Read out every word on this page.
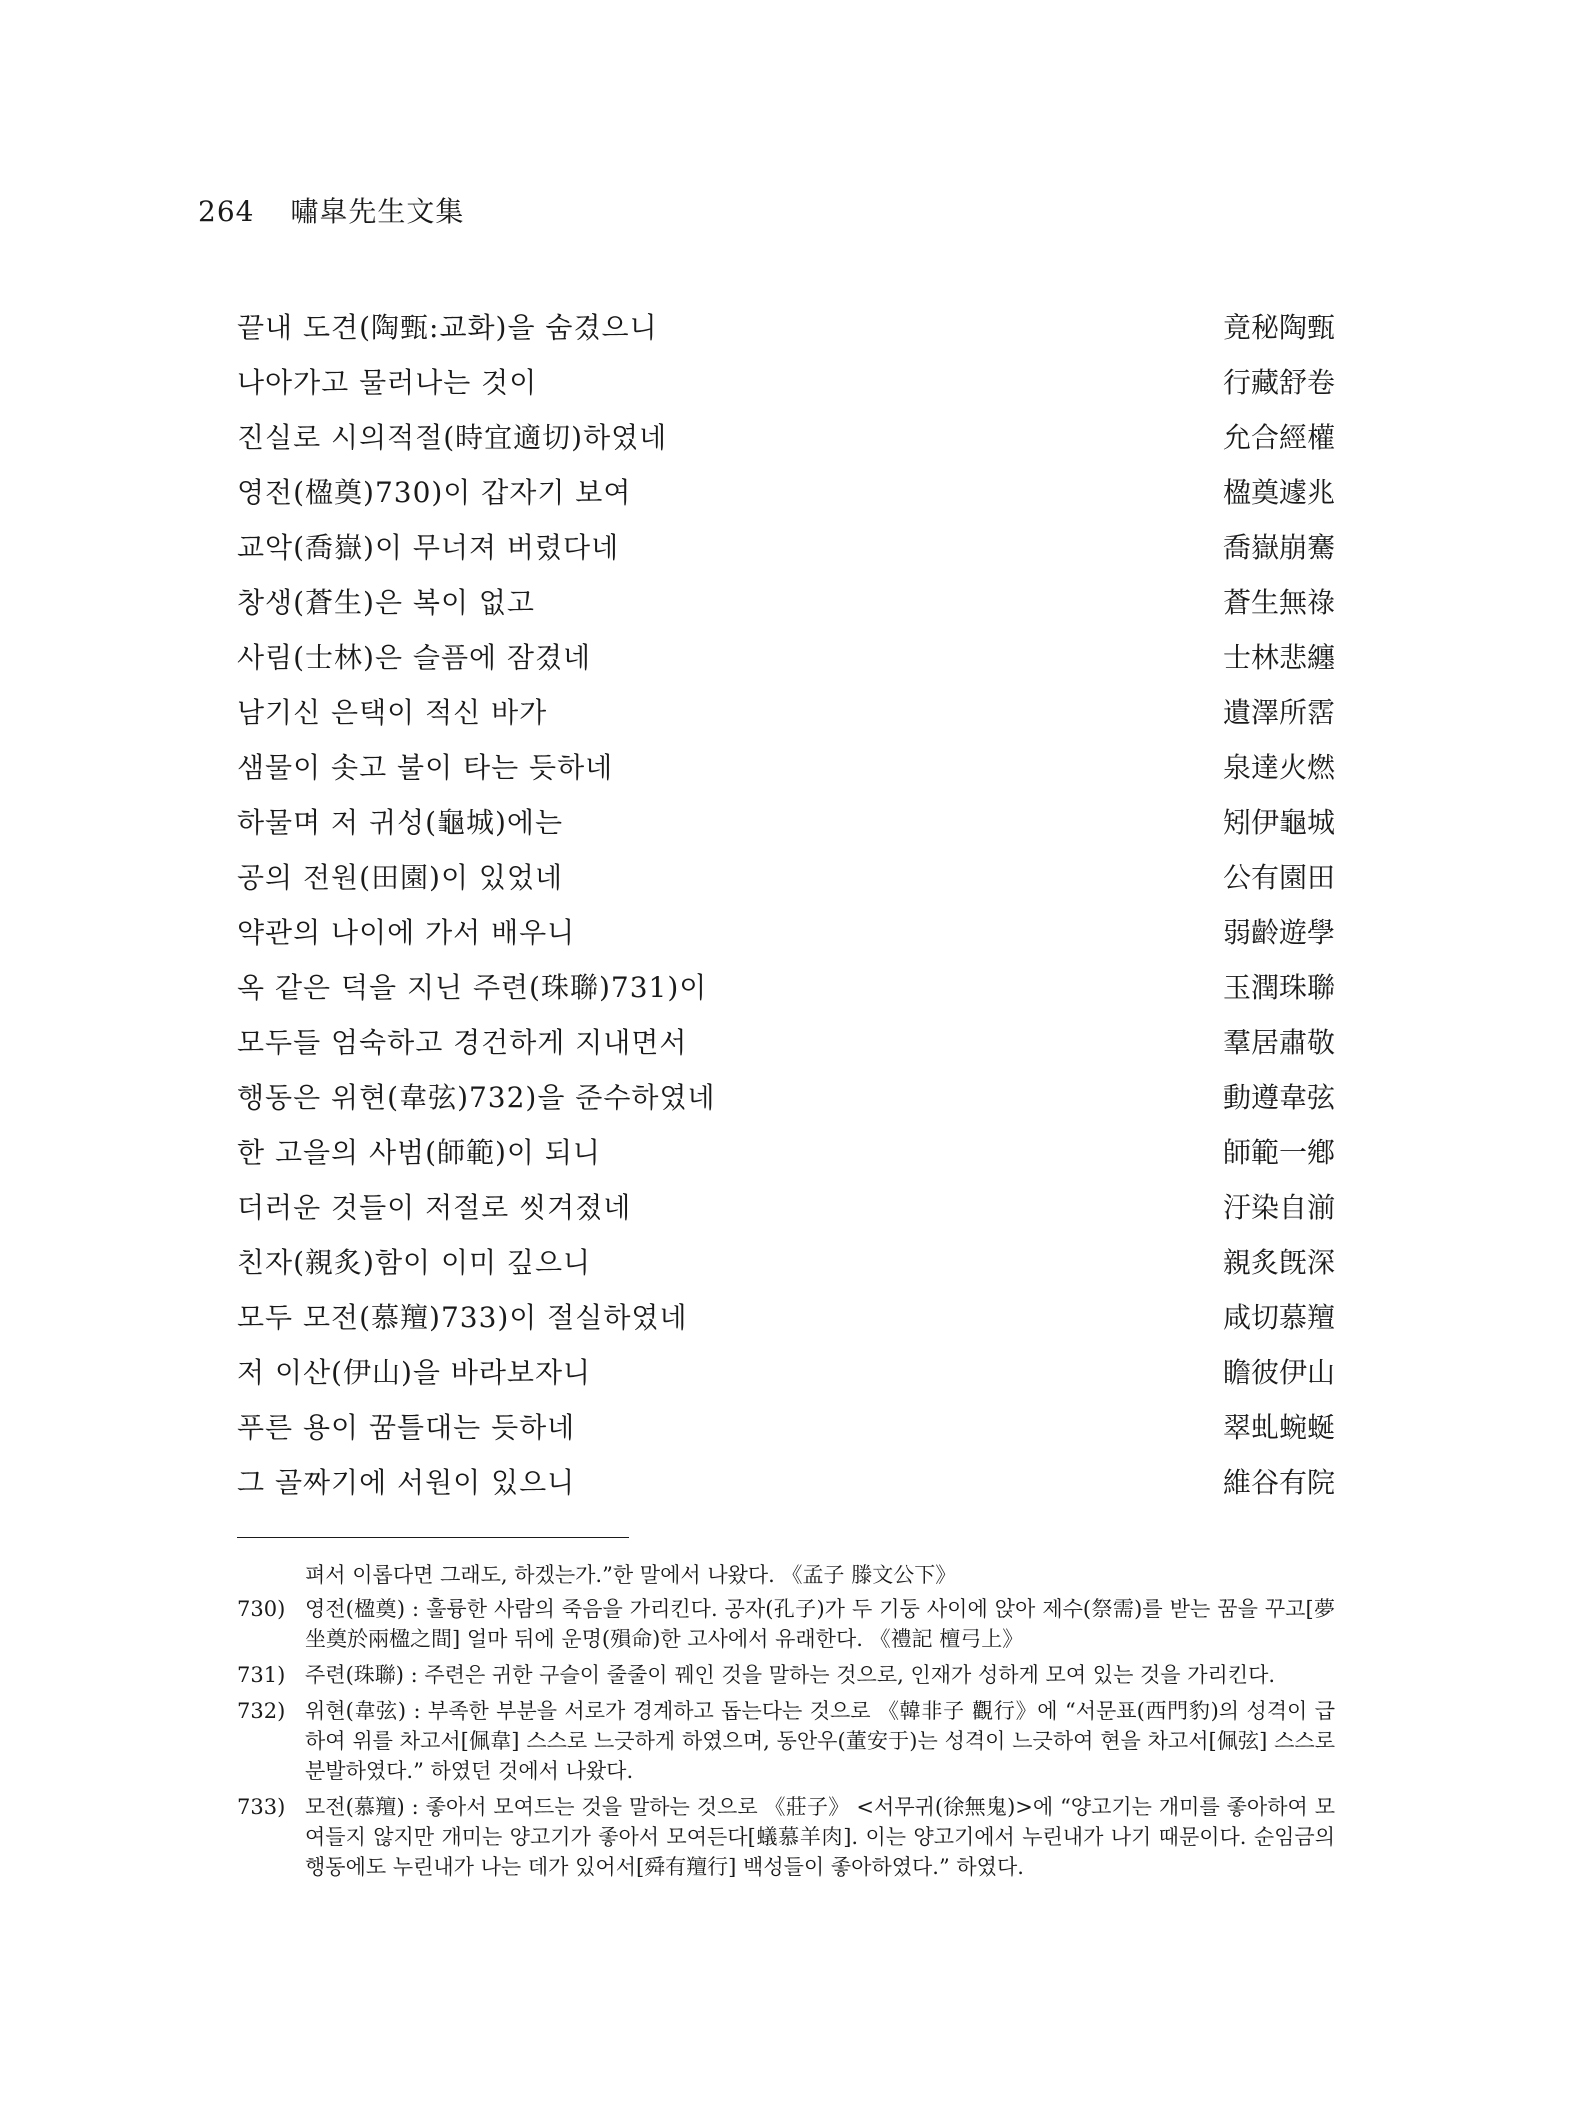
264 嘯皐先生文集
끝내 도견(陶甄:교화)을 숨겼으니	竟秘陶甄
나아가고 물러나는 것이	行藏舒卷
진실로 시의적절(時宜適切)하였네	允合經權
영전(楹奠)730)이 갑자기 보여	楹奠遽兆
교악(喬嶽)이 무너져 버렸다네	喬嶽崩騫
창생(蒼生)은 복이 없고	蒼生無祿
사림(士林)은 슬픔에 잠겼네	士林悲纏
남기신 은택이 적신 바가	遺澤所霑
샘물이 솟고 불이 타는 듯하네	泉達火燃
하물며 저 귀성(龜城)에는	矧伊龜城
공의 전원(田園)이 있었네	公有園田
약관의 나이에 가서 배우니	弱齡遊學
옥 같은 덕을 지닌 주련(珠聯)731)이	玉潤珠聯
모두들 엄숙하고 경건하게 지내면서	羣居肅敬
행동은 위현(韋弦)732)을 준수하였네	動遵韋弦
한 고을의 사범(師範)이 되니	師範一鄕
더러운 것들이 저절로 씻겨졌네	汙染自湔
친자(親炙)함이 이미 깊으니	親炙旣深
모두 모전(慕羶)733)이 절실하였네	咸切慕羶
저 이산(伊山)을 바라보자니	瞻彼伊山
푸른 용이 꿈틀대는 듯하네	翠虬蜿蜒
그 골짜기에 서원이 있으니	維谷有院
펴서 이롭다면 그래도, 하겠는가.”한 말에서 나왔다. 《孟子 滕文公下》
730) 영전(楹奠) : 훌륭한 사람의 죽음을 가리킨다. 공자(孔子)가 두 기둥 사이에 앉아 제수(祭需)를 받는 꿈을 꾸고[夢坐奠於兩楹之間] 얼마 뒤에 운명(殞命)한 고사에서 유래한다. 《禮記 檀弓上》
731) 주련(珠聯) : 주련은 귀한 구슬이 줄줄이 꿰인 것을 말하는 것으로, 인재가 성하게 모여 있는 것을 가리킨다.
732) 위현(韋弦) : 부족한 부분을 서로가 경계하고 돕는다는 것으로 《韓非子 觀行》에 “서문표(西門豹)의 성격이 급하여 위를 차고서[佩韋] 스스로 느긋하게 하였으며, 동안우(董安于)는 성격이 느긋하여 현을 차고서[佩弦] 스스로 분발하였다.” 하였던 것에서 나왔다.
733) 모전(慕羶) : 좋아서 모여드는 것을 말하는 것으로 《莊子》 <서무귀(徐無鬼)>에 “양고기는 개미를 좋아하여 모여들지 않지만 개미는 양고기가 좋아서 모여든다[蟻慕羊肉]. 이는 양고기에서 누린내가 나기 때문이다. 순임금의 행동에도 누린내가 나는 데가 있어서[舜有羶行] 백성들이 좋아하였다.” 하였다.
